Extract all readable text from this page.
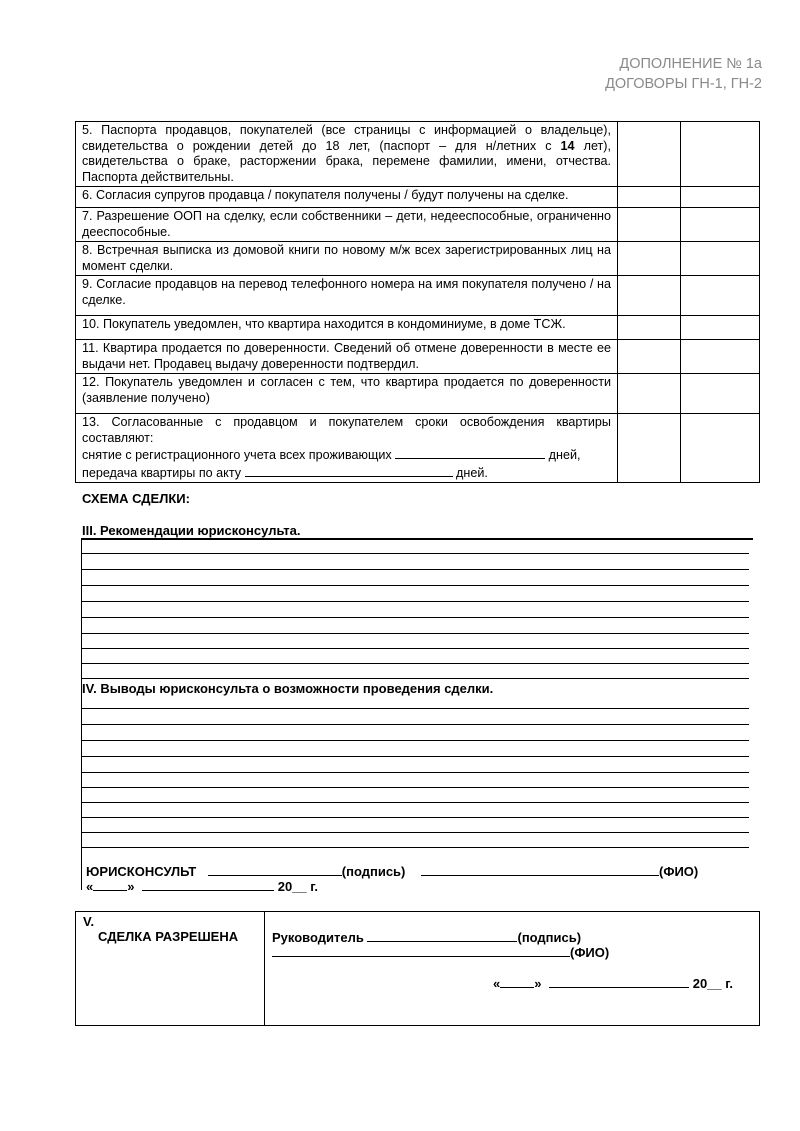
ДОПОЛНЕНИЕ № 1а
ДОГОВОРЫ ГН-1, ГН-2
5. Паспорта продавцов, покупателей (все страницы с информацией о владельце), свидетельства о рождении детей до 18 лет, (паспорт – для н/летних с 14 лет), свидетельства о браке, расторжении брака, перемене фамилии, имени, отчества. Паспорта действительны.		
6. Согласия супругов продавца / покупателя получены / будут получены на сделке.		
7. Разрешение ООП на сделку, если собственники – дети, недееспособные, ограниченно дееспособные.		
8. Встречная выписка из домовой книги по новому м/ж всех зарегистрированных лиц на момент сделки.		
9. Согласие продавцов на перевод телефонного номера на имя покупателя получено / на сделке.		
10. Покупатель уведомлен, что квартира находится в кондоминиуме, в доме ТСЖ.		
11. Квартира продается по доверенности. Сведений об отмене доверенности в месте ее выдачи нет. Продавец выдачу доверенности подтвердил.		
12. Покупатель уведомлен и согласен с тем, что квартира продается по доверенности (заявление получено)		

13. Согласованные с продавцом и покупателем сроки освобождения квартиры составляют:
снятие с регистрационного учета всех проживающих дней,
передача квартиры по акту дней.		

СХЕМА СДЕЛКИ:
III. Рекомендации юрисконсульта.
IV. Выводы юрисконсульта о возможности проведения сделки.
ЮРИСКОНСУЛЬТ	(подпись)	(ФИО)
«	»	20__ г.
V.
СДЕЛКА РАЗРЕШЕНА	Руководитель	(подпись)
(ФИО)
«	»	20__ г.
